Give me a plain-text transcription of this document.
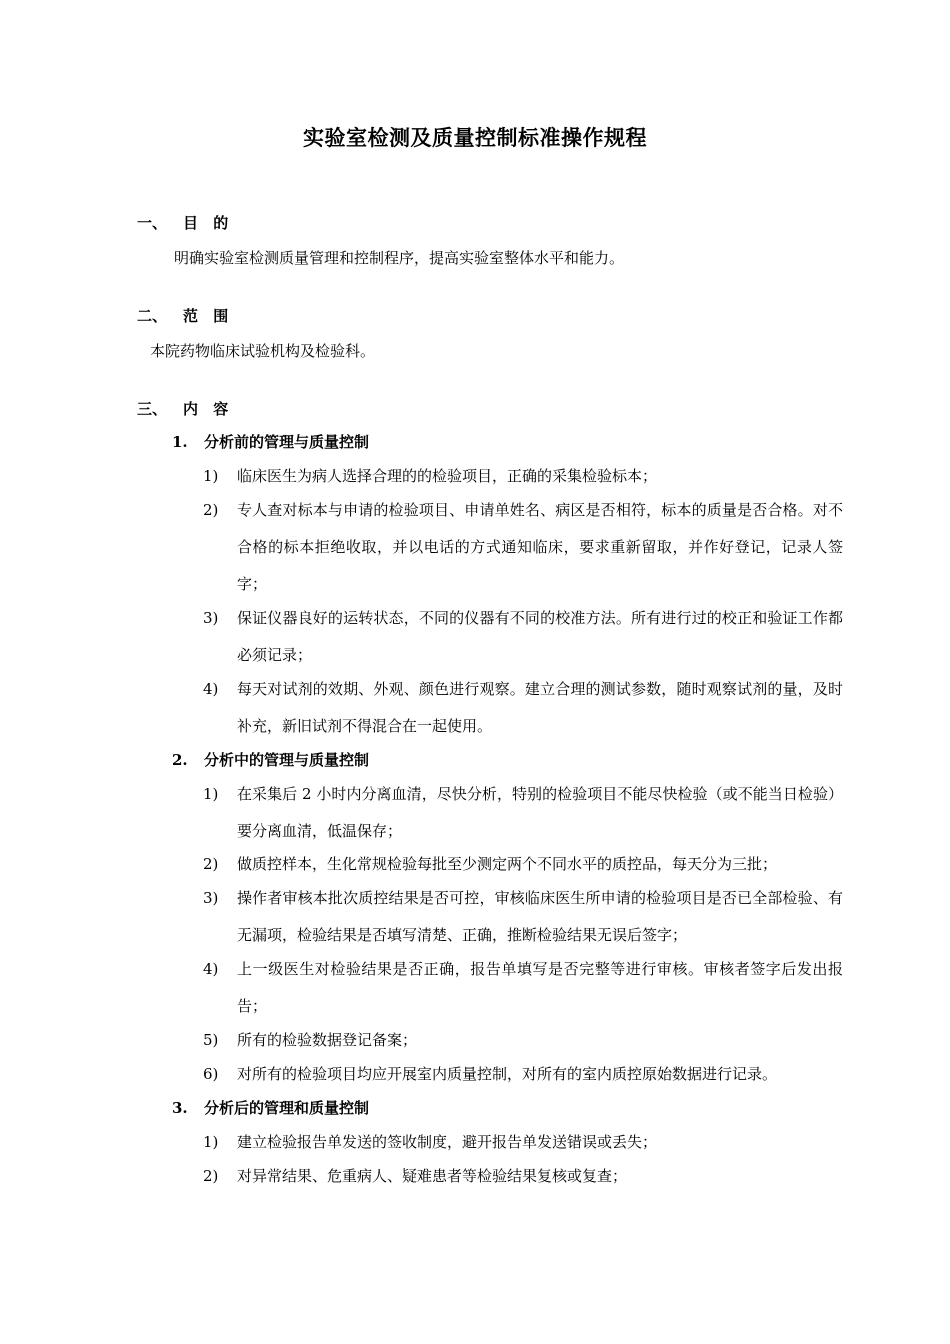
实验室检测及质量控制标准操作规程
一、 目 的
明确实验室检测质量管理和控制程序，提高实验室整体水平和能力。
二、 范 围
本院药物临床试验机构及检验科。
三、 内 容
1. 分析前的管理与质量控制
1) 临床医生为病人选择合理的的检验项目，正确的采集检验标本；
2) 专人查对标本与申请的检验项目、申请单姓名、病区是否相符，标本的质量是否合格。对不合格的标本拒绝收取，并以电话的方式通知临床，要求重新留取，并作好登记，记录人签字；
3) 保证仪器良好的运转状态，不同的仪器有不同的校准方法。所有进行过的校正和验证工作都必须记录；
4) 每天对试剂的效期、外观、颜色进行观察。建立合理的测试参数，随时观察试剂的量，及时补充，新旧试剂不得混合在一起使用。
2. 分析中的管理与质量控制
1) 在采集后 2 小时内分离血清，尽快分析，特别的检验项目不能尽快检验（或不能当日检验）要分离血清，低温保存；
2) 做质控样本，生化常规检验每批至少测定两个不同水平的质控品，每天分为三批；
3) 操作者审核本批次质控结果是否可控，审核临床医生所申请的检验项目是否已全部检验、有无漏项，检验结果是否填写清楚、正确，推断检验结果无误后签字；
4) 上一级医生对检验结果是否正确，报告单填写是否完整等进行审核。审核者签字后发出报告；
5) 所有的检验数据登记备案；
6) 对所有的检验项目均应开展室内质量控制，对所有的室内质控原始数据进行记录。
3. 分析后的管理和质量控制
1) 建立检验报告单发送的签收制度，避开报告单发送错误或丢失；
2) 对异常结果、危重病人、疑难患者等检验结果复核或复查；
